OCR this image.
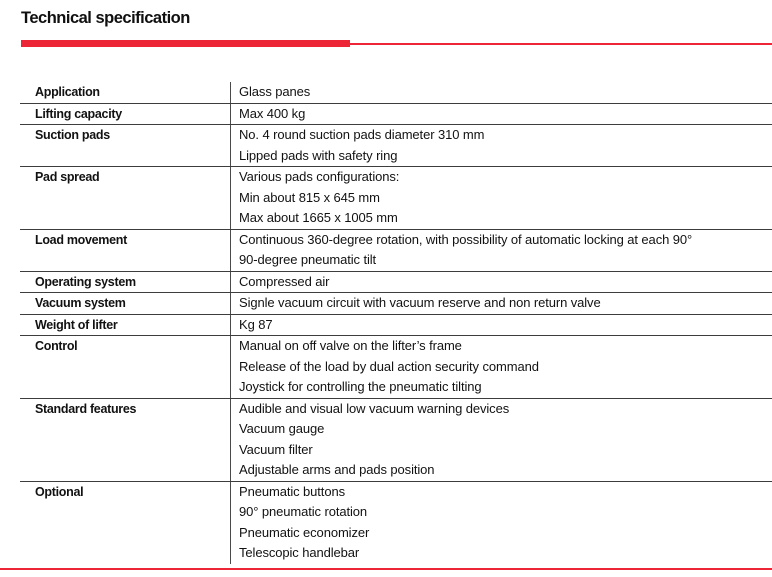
Technical specification
Application	Glass panes

Lifting capacity	Max 400 kg

Suction pads	No. 4 round suction pads diameter 310 mm
Lipped pads with safety ring

Pad spread	Various pads configurations:
Min about 815 x 645 mm
Max about 1665 x 1005 mm

Load movement	Continuous 360-degree rotation, with possibility of automatic locking at each 90°
90-degree pneumatic tilt

Operating system	Compressed air

Vacuum system	Signle vacuum circuit with vacuum reserve and non return valve

Weight of lifter	Kg 87

Control	Manual on off valve on the lifter’s frame
Release of the load by dual action security command
Joystick for controlling the pneumatic tilting

Standard features	Audible and visual low vacuum warning devices
Vacuum gauge
Vacuum filter
Adjustable arms and pads position

Optional	Pneumatic buttons
90° pneumatic rotation
Pneumatic economizer
Telescopic handlebar
